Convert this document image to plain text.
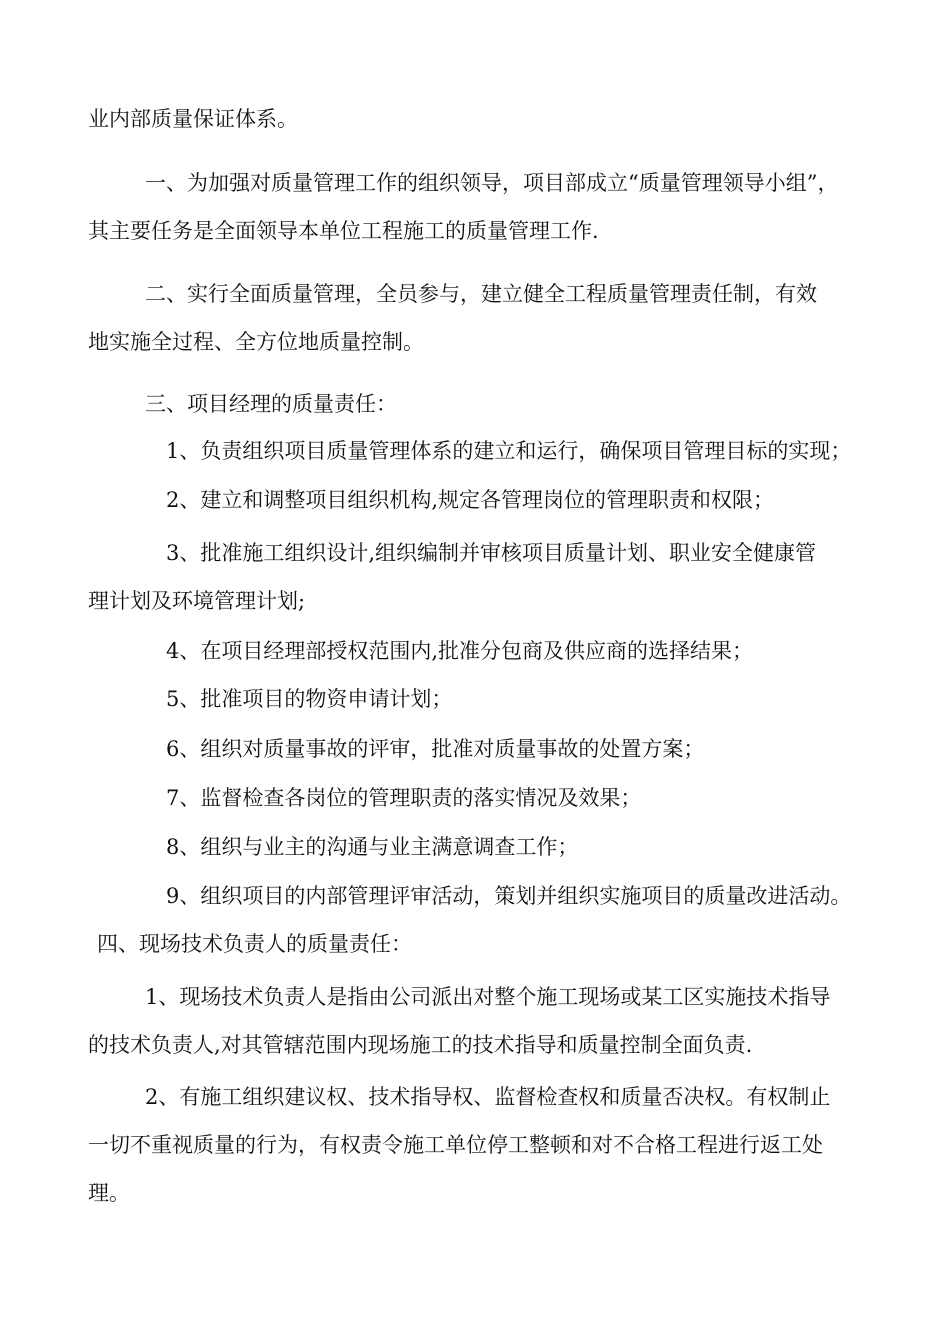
业内部质量保证体系。
一、为加强对质量管理工作的组织领导，项目部成立“质量管理领导小组”，
其主要任务是全面领导本单位工程施工的质量管理工作.
二、实行全面质量管理，全员参与，建立健全工程质量管理责任制，有效
地实施全过程、全方位地质量控制。
三、项目经理的质量责任：
1、负责组织项目质量管理体系的建立和运行，确保项目管理目标的实现；
2、建立和调整项目组织机构,规定各管理岗位的管理职责和权限；
3、批准施工组织设计,组织编制并审核项目质量计划、职业安全健康管
理计划及环境管理计划;
4、在项目经理部授权范围内,批准分包商及供应商的选择结果；
5、批准项目的物资申请计划；
6、组织对质量事故的评审，批准对质量事故的处置方案；
7、监督检查各岗位的管理职责的落实情况及效果；
8、组织与业主的沟通与业主满意调查工作；
9、组织项目的内部管理评审活动，策划并组织实施项目的质量改进活动。
四、现场技术负责人的质量责任：
1、现场技术负责人是指由公司派出对整个施工现场或某工区实施技术指导
的技术负责人,对其管辖范围内现场施工的技术指导和质量控制全面负责.
2、有施工组织建议权、技术指导权、监督检查权和质量否决权。有权制止
一切不重视质量的行为，有权责令施工单位停工整顿和对不合格工程进行返工处
理。
